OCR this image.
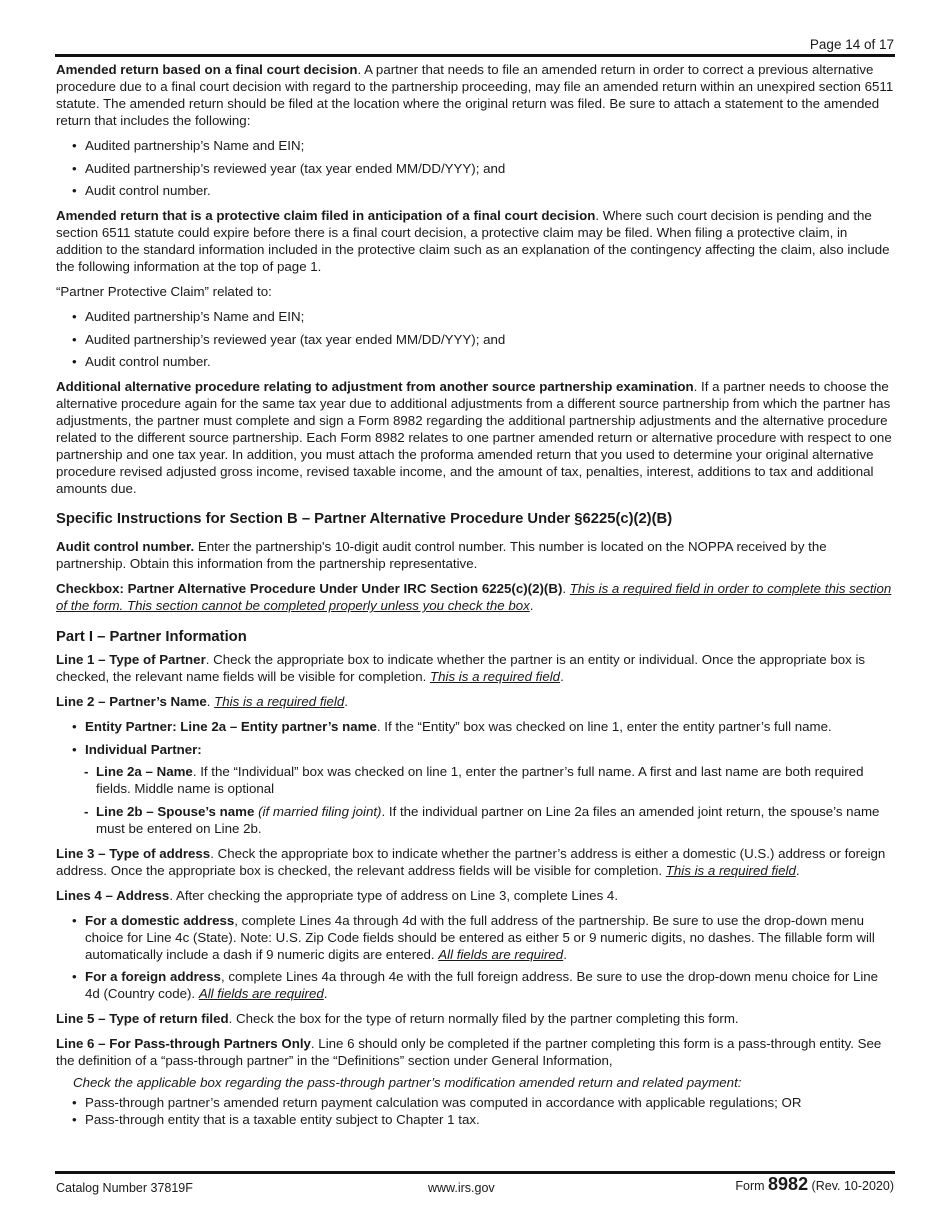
Page 14 of 17

Amended return based on a final court decision. A partner that needs to file an amended return in order to correct a previous alternative procedure due to a final court decision with regard to the partnership proceeding, may file an amended return within an unexpired section 6511 statute. The amended return should be filed at the location where the original return was filed. Be sure to attach a statement to the amended return that includes the following:

• Audited partnership’s Name and EIN;
• Audited partnership’s reviewed year (tax year ended MM/DD/YYY); and
• Audit control number.

Amended return that is a protective claim filed in anticipation of a final court decision. Where such court decision is pending and the section 6511 statute could expire before there is a final court decision, a protective claim may be filed. When filing a protective claim, in addition to the standard information included in the protective claim such as an explanation of the contingency affecting the claim, also include the following information at the top of page 1.

“Partner Protective Claim” related to:

• Audited partnership’s Name and EIN;
• Audited partnership’s reviewed year (tax year ended MM/DD/YYY); and
• Audit control number.

Additional alternative procedure relating to adjustment from another source partnership examination. If a partner needs to choose the alternative procedure again for the same tax year due to additional adjustments from a different source partnership from which the partner has adjustments, the partner must complete and sign a Form 8982 regarding the additional partnership adjustments and the alternative procedure related to the different source partnership. Each Form 8982 relates to one partner amended return or alternative procedure with respect to one partnership and one tax year. In addition, you must attach the proforma amended return that you used to determine your original alternative procedure revised adjusted gross income, revised taxable income, and the amount of tax, penalties, interest, additions to tax and additional amounts due.

Specific Instructions for Section B – Partner Alternative Procedure Under §6225(c)(2)(B)

Audit control number. Enter the partnership's 10-digit audit control number. This number is located on the NOPPA received by the partnership. Obtain this information from the partnership representative.

Checkbox: Partner Alternative Procedure Under Under IRC Section 6225(c)(2)(B). This is a required field in order to complete this section of the form. This section cannot be completed properly unless you check the box.

Part I – Partner Information

Line 1 – Type of Partner. Check the appropriate box to indicate whether the partner is an entity or individual. Once the appropriate box is checked, the relevant name fields will be visible for completion. This is a required field.

Line 2 – Partner’s Name. This is a required field.

• Entity Partner: Line 2a – Entity partner’s name. If the “Entity” box was checked on line 1, enter the entity partner’s full name.
• Individual Partner:
- Line 2a – Name. If the “Individual” box was checked on line 1, enter the partner’s full name. A first and last name are both required fields. Middle name is optional
- Line 2b – Spouse’s name (if married filing joint). If the individual partner on Line 2a files an amended joint return, the spouse’s name must be entered on Line 2b.

Line 3 – Type of address. Check the appropriate box to indicate whether the partner’s address is either a domestic (U.S.) address or foreign address. Once the appropriate box is checked, the relevant address fields will be visible for completion. This is a required field.

Lines 4 – Address. After checking the appropriate type of address on Line 3, complete Lines 4.

• For a domestic address, complete Lines 4a through 4d with the full address of the partnership. Be sure to use the drop-down menu choice for Line 4c (State). Note: U.S. Zip Code fields should be entered as either 5 or 9 numeric digits, no dashes. The fillable form will automatically include a dash if 9 numeric digits are entered. All fields are required.
• For a foreign address, complete Lines 4a through 4e with the full foreign address. Be sure to use the drop-down menu choice for Line 4d (Country code). All fields are required.

Line 5 – Type of return filed. Check the box for the type of return normally filed by the partner completing this form.

Line 6 – For Pass-through Partners Only. Line 6 should only be completed if the partner completing this form is a pass-through entity. See the definition of a “pass-through partner” in the “Definitions” section under General Information,

Check the applicable box regarding the pass-through partner’s modification amended return and related payment:

• Pass-through partner’s amended return payment calculation was computed in accordance with applicable regulations; OR
• Pass-through entity that is a taxable entity subject to Chapter 1 tax.
Catalog Number 37819F	www.irs.gov	Form 8982 (Rev. 10-2020)
